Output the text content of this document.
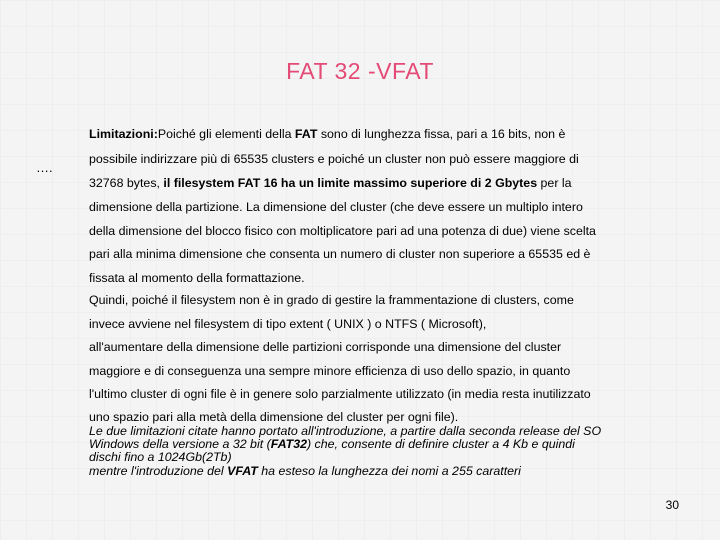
FAT 32 -VFAT
….
Limitazioni:Poiché gli elementi della FAT sono di lunghezza fissa, pari a 16 bits, non è
possibile indirizzare più di 65535 clusters e poiché un cluster non può essere maggiore di
32768 bytes, il filesystem FAT 16 ha un limite massimo superiore di 2 Gbytes per la
dimensione della partizione. La dimensione del cluster (che deve essere un multiplo intero
della dimensione del blocco fisico con moltiplicatore pari ad una potenza di due) viene scelta
pari alla minima dimensione che consenta un numero di cluster non superiore a 65535 ed è
fissata al momento della formattazione.
Quindi, poiché il filesystem non è in grado di gestire la frammentazione di clusters, come
invece avviene nel filesystem di tipo extent ( UNIX ) o NTFS ( Microsoft),
all'aumentare della dimensione delle partizioni corrisponde una dimensione del cluster
maggiore e di conseguenza una sempre minore efficienza di uso dello spazio, in quanto
l'ultimo cluster di ogni file è in genere solo parzialmente utilizzato (in media resta inutilizzato
uno spazio pari alla metà della dimensione del cluster per ogni file).
Le due limitazioni citate hanno portato all'introduzione, a partire dalla seconda release del SO
Windows della versione a 32 bit (FAT32) che, consente di definire cluster a 4 Kb e quindi
dischi fino a 1024Gb(2Tb)
mentre l'introduzione del VFAT ha esteso la lunghezza dei nomi a 255 caratteri
30
